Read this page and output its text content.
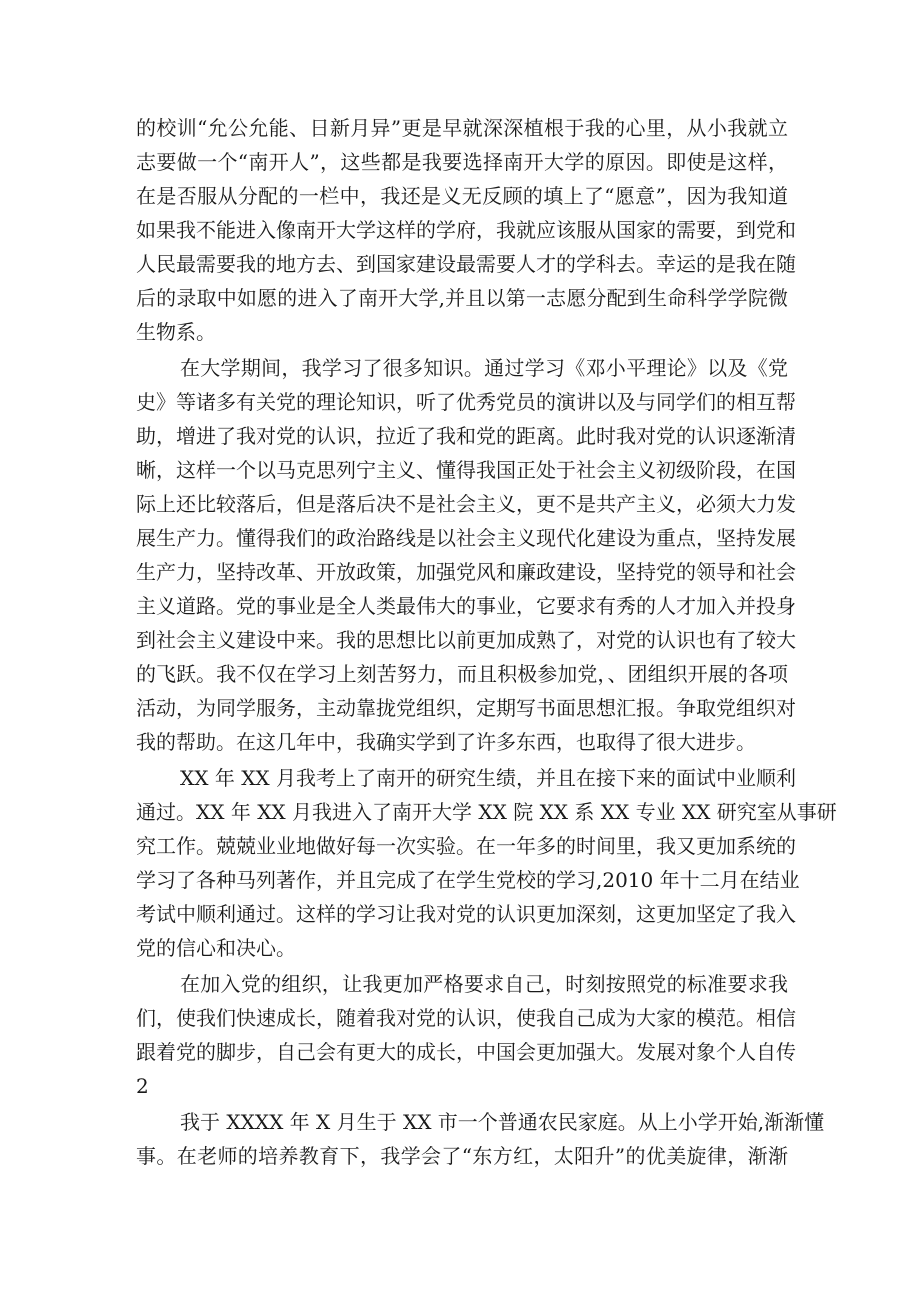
的校训“允公允能、日新月异”更是早就深深植根于我的心里，从小我就立
志要做一个“南开人”，这些都是我要选择南开大学的原因。即使是这样，
在是否服从分配的一栏中，我还是义无反顾的填上了“愿意”，因为我知道
如果我不能进入像南开大学这样的学府，我就应该服从国家的需要，到党和
人民最需要我的地方去、到国家建设最需要人才的学科去。幸运的是我在随
后的录取中如愿的进入了南开大学,并且以第一志愿分配到生命科学学院微
生物系。
在大学期间，我学习了很多知识。通过学习《邓小平理论》以及《党
史》等诸多有关党的理论知识，听了优秀党员的演讲以及与同学们的相互帮
助，增进了我对党的认识，拉近了我和党的距离。此时我对党的认识逐渐清
晰，这样一个以马克思列宁主义、懂得我国正处于社会主义初级阶段，在国
际上还比较落后，但是落后决不是社会主义，更不是共产主义，必须大力发
展生产力。懂得我们的政治路线是以社会主义现代化建设为重点，坚持发展
生产力，坚持改革、开放政策，加强党风和廉政建设，坚持党的领导和社会
主义道路。党的事业是全人类最伟大的事业，它要求有秀的人才加入并投身
到社会主义建设中来。我的思想比以前更加成熟了，对党的认识也有了较大
的飞跃。我不仅在学习上刻苦努力，而且积极参加党，、团组织开展的各项
活动，为同学服务，主动靠拢党组织，定期写书面思想汇报。争取党组织对
我的帮助。在这几年中，我确实学到了许多东西，也取得了很大进步。
XX 年 XX 月我考上了南开的研究生绩，并且在接下来的面试中业顺利
通过。XX 年 XX 月我进入了南开大学 XX 院 XX 系 XX 专业 XX 研究室从事研
究工作。兢兢业业地做好每一次实验。在一年多的时间里，我又更加系统的
学习了各种马列著作，并且完成了在学生党校的学习,2010 年十二月在结业
考试中顺利通过。这样的学习让我对党的认识更加深刻，这更加坚定了我入
党的信心和决心。
在加入党的组织，让我更加严格要求自己，时刻按照党的标准要求我
们，使我们快速成长，随着我对党的认识，使我自己成为大家的模范。相信
跟着党的脚步，自己会有更大的成长，中国会更加强大。发展对象个人自传
2
我于 XXXX 年 X 月生于 XX 市一个普通农民家庭。从上小学开始,渐渐懂
事。在老师的培养教育下，我学会了“东方红，太阳升”的优美旋律，渐渐
